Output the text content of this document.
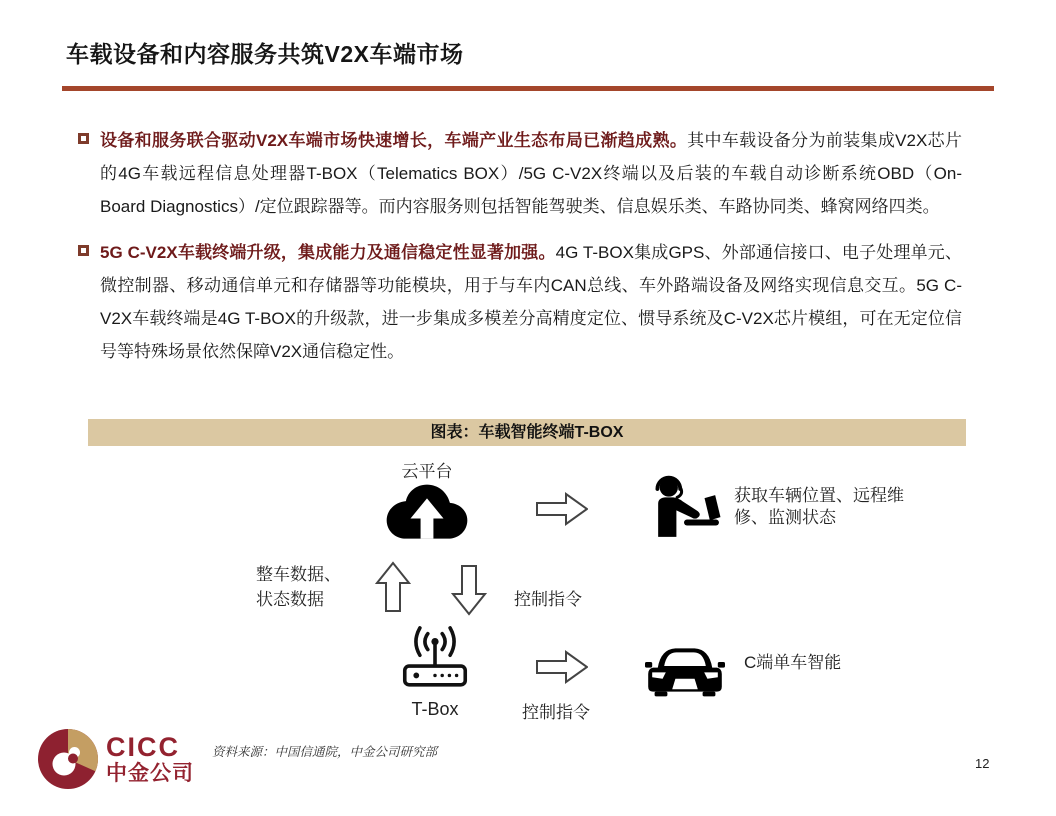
车载设备和内容服务共筑V2X车端市场
设备和服务联合驱动V2X车端市场快速增长，车端产业生态布局已渐趋成熟。其中车载设备分为前装集成V2X芯片的4G车载远程信息处理器T-BOX（Telematics BOX）/5G C-V2X终端以及后装的车载自动诊断系统OBD（On-Board Diagnostics）/定位跟踪器等。而内容服务则包括智能驾驶类、信息娱乐类、车路协同类、蜂窝网络四类。
5G C-V2X车载终端升级，集成能力及通信稳定性显著加强。4G T-BOX集成GPS、外部通信接口、电子处理单元、微控制器、移动通信单元和存储器等功能模块，用于与车内CAN总线、车外路端设备及网络实现信息交互。5G C-V2X车载终端是4G T-BOX的升级款，进一步集成多模差分高精度定位、惯导系统及C-V2X芯片模组，可在无定位信号等特殊场景依然保障V2X通信稳定性。
图表：车载智能终端T-BOX
云平台
获取车辆位置、远程维修、监测状态
整车数据、状态数据	控制指令
T-Box	控制指令
C端单车智能
CICC
中金公司
资料来源：中国信通院，中金公司研究部
12
